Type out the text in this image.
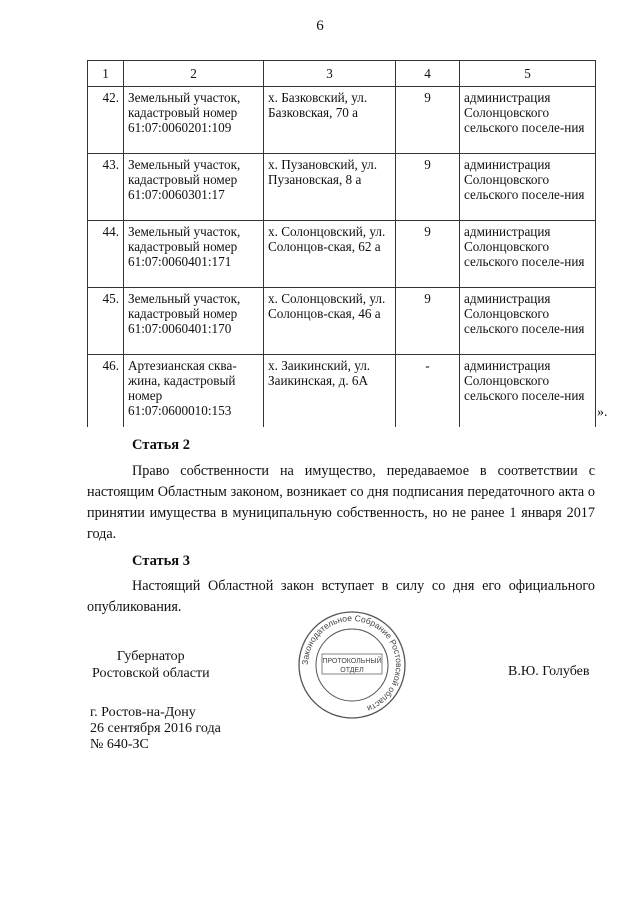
6
1	2	3	4	5
42.	Земельный участок, кадастровый номер 61:07:0060201:109	х. Базковский, ул. Базковская, 70 а	9	администрация Солонцовского сельского поселе-ния
43.	Земельный участок, кадастровый номер 61:07:0060301:17	х. Пузановский, ул. Пузановская, 8 а	9	администрация Солонцовского сельского поселе-ния
44.	Земельный участок, кадастровый номер 61:07:0060401:171	х. Солонцовский, ул. Солонцов-ская, 62 а	9	администрация Солонцовского сельского поселе-ния
45.	Земельный участок, кадастровый номер 61:07:0060401:170	х. Солонцовский, ул. Солонцов-ская, 46 а	9	администрация Солонцовского сельского поселе-ния
46.	Артезианская сква-жина, кадастровый номер 61:07:0600010:153	х. Заикинский, ул. Заикинская, д. 6А	-	администрация Солонцовского сельского поселе-ния
».
Статья 2
Право собственности на имущество, передаваемое в соответствии с настоящим Областным законом, возникает со дня подписания передаточного акта о принятии имущества в муниципальную собственность, но не ранее 1 января 2017 года.
Статья 3
Настоящий Областной закон вступает в силу со дня его официального опубликования.
Губернатор
Ростовской области
Законодательное Собрание Ростовской области
ПРОТОКОЛЬНЫЙ
ОТДЕЛ	В.Ю. Голубев
г. Ростов-на-Дону
26 сентября 2016 года
№ 640-ЗС
